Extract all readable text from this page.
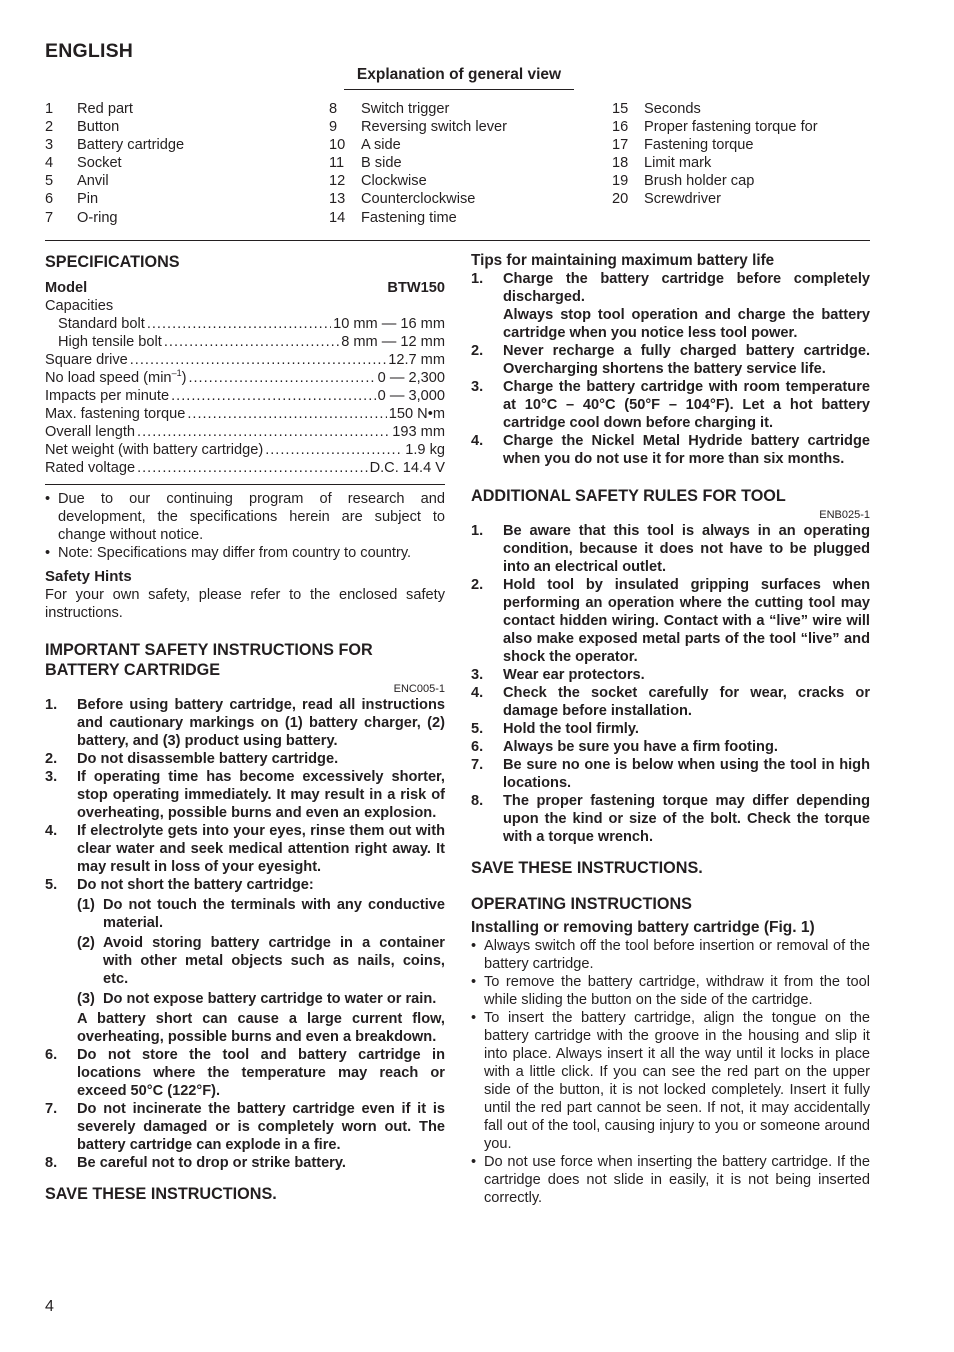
ENGLISH
Explanation of general view
1	Red part
2	Button
3	Battery cartridge
4	Socket
5	Anvil
6	Pin
7	O-ring
8	Switch trigger
9	Reversing switch lever
10	A side
11	B side
12	Clockwise
13	Counterclockwise
14	Fastening time
15	Seconds
16	Proper fastening torque for
17	Fastening torque
18	Limit mark
19	Brush holder cap
20	Screwdriver
SPECIFICATIONS
Model	BTW150
Capacities
Standard bolt .....	10 mm — 16 mm
High tensile bolt .....	8 mm — 12 mm
Square drive .....	12.7 mm
No load speed $(\min^{-1})$ .....	0 — 2,300
Impacts per minute .....	0 — 3,000
Max. fastening torque .....	150 N•m
Overall length .....	193 mm
Net weight (with battery cartridge) .....	1.9 kg
Rated voltage .....	D.C. 14.4 V
• Due to our continuing program of research and development, the specifications herein are subject to change without notice.
• Note: Specifications may differ from country to country.
Safety Hints

For your own safety, please refer to the enclosed safety instructions.

IMPORTANT SAFETY INSTRUCTIONS FOR BATTERY CARTRIDGE
ENC005-1
1.	Before using battery cartridge, read all instructions and cautionary markings on (1) battery charger, (2) battery, and (3) product using battery.
2.	Do not disassemble battery cartridge.
3.	If operating time has become excessively shorter, stop operating immediately. It may result in a risk of overheating, possible burns and even an explosion.
4.	If electrolyte gets into your eyes, rinse them out with clear water and seek medical attention right away. It may result in loss of your eyesight.
5.	Do not short the battery cartridge:
(1) Do not touch the terminals with any conductive material.
(2) Avoid storing battery cartridge in a container with other metal objects such as nails, coins, etc.
(3) Do not expose battery cartridge to water or rain.
A battery short can cause a large current flow, overheating, possible burns and even a breakdown.
6.	Do not store the tool and battery cartridge in locations where the temperature may reach or exceed 50°C (122°F).
7.	Do not incinerate the battery cartridge even if it is severely damaged or is completely worn out. The battery cartridge can explode in a fire.
8.	Be careful not to drop or strike battery.
SAVE THESE INSTRUCTIONS.
Tips for maintaining maximum battery life
1.	Charge the battery cartridge before completely discharged.
Always stop tool operation and charge the battery cartridge when you notice less tool power.
2.	Never recharge a fully charged battery cartridge. Overcharging shortens the battery service life.
3.	Charge the battery cartridge with room temperature at 10°C – 40°C (50°F – 104°F). Let a hot battery cartridge cool down before charging it.
4.	Charge the Nickel Metal Hydride battery cartridge when you do not use it for more than six months.
ADDITIONAL SAFETY RULES FOR TOOL
ENB025-1
1.	Be aware that this tool is always in an operating condition, because it does not have to be plugged into an electrical outlet.
2.	Hold tool by insulated gripping surfaces when performing an operation where the cutting tool may contact hidden wiring. Contact with a “live” wire will also make exposed metal parts of the tool “live” and shock the operator.
3.	Wear ear protectors.
4.	Check the socket carefully for wear, cracks or damage before installation.
5.	Hold the tool firmly.
6.	Always be sure you have a firm footing.
7.	Be sure no one is below when using the tool in high locations.
8.	The proper fastening torque may differ depending upon the kind or size of the bolt. Check the torque with a torque wrench.
SAVE THESE INSTRUCTIONS.
OPERATING INSTRUCTIONS
Installing or removing battery cartridge (Fig. 1)
• Always switch off the tool before insertion or removal of the battery cartridge.
• To remove the battery cartridge, withdraw it from the tool while sliding the button on the side of the cartridge.
• To insert the battery cartridge, align the tongue on the battery cartridge with the groove in the housing and slip it into place. Always insert it all the way until it locks in place with a little click. If you can see the red part on the upper side of the button, it is not locked completely. Insert it fully until the red part cannot be seen. If not, it may accidentally fall out of the tool, causing injury to you or someone around you.
• Do not use force when inserting the battery cartridge. If the cartridge does not slide in easily, it is not being inserted correctly.
4
